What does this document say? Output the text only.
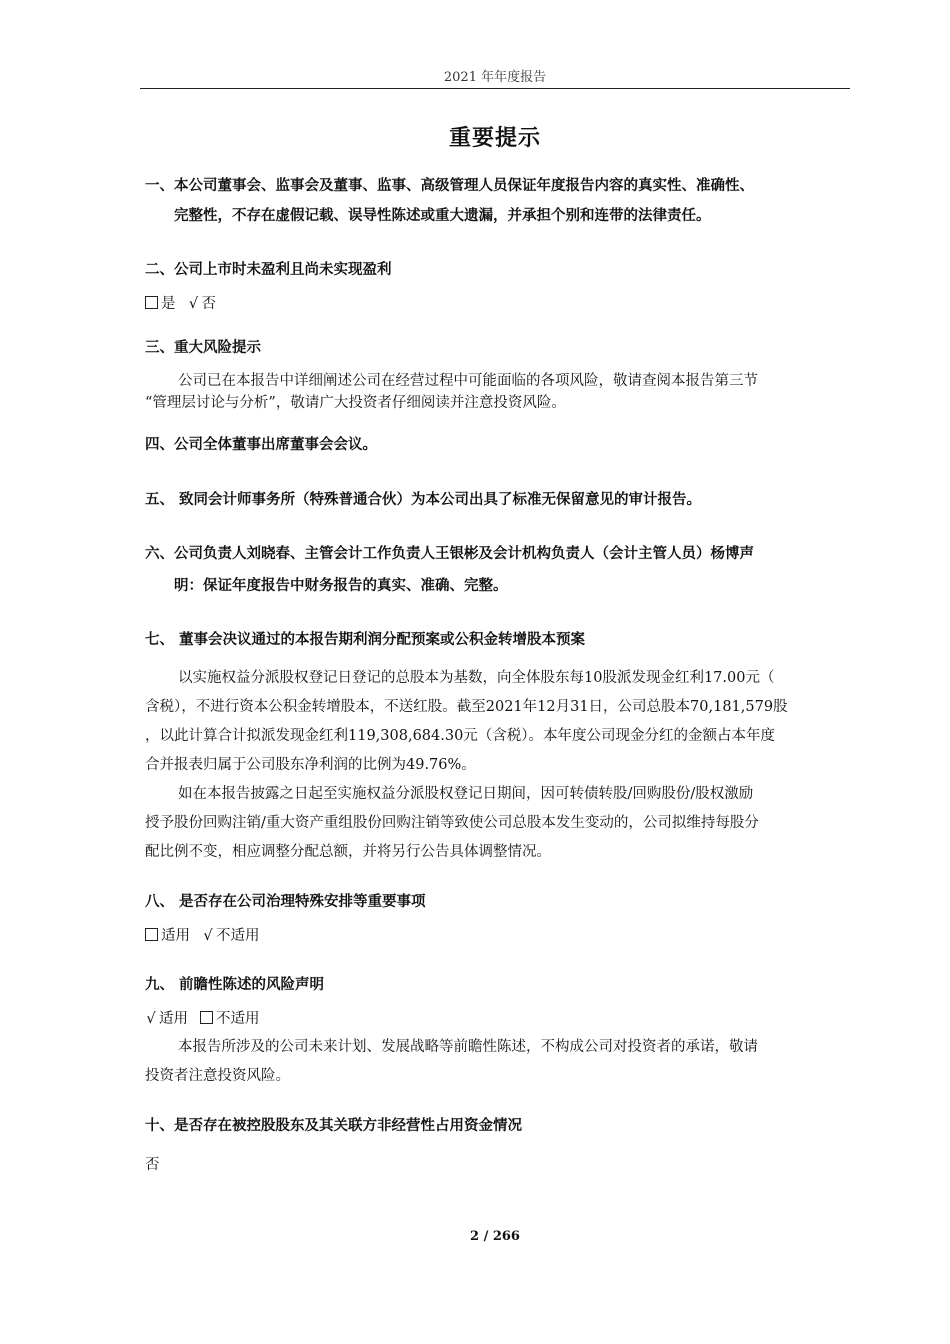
2021 年年度报告
重要提示
一、本公司董事会、监事会及董事、监事、高级管理人员保证年度报告内容的真实性、准确性、
完整性，不存在虚假记载、误导性陈述或重大遗漏，并承担个别和连带的法律责任。
二、公司上市时未盈利且尚未实现盈利
是 √ 否
三、重大风险提示
公司已在本报告中详细阐述公司在经营过程中可能面临的各项风险，敬请查阅本报告第三节
“管理层讨论与分析”，敬请广大投资者仔细阅读并注意投资风险。
四、公司全体董事出席董事会会议。
五、 致同会计师事务所（特殊普通合伙）为本公司出具了标准无保留意见的审计报告。
六、公司负责人刘晓春、主管会计工作负责人王银彬及会计机构负责人（会计主管人员）杨博声
明：保证年度报告中财务报告的真实、准确、完整。
七、 董事会决议通过的本报告期利润分配预案或公积金转增股本预案
以实施权益分派股权登记日登记的总股本为基数，向全体股东每10股派发现金红利17.00元（
含税），不进行资本公积金转增股本，不送红股。截至2021年12月31日，公司总股本70,181,579股
，以此计算合计拟派发现金红利119,308,684.30元（含税）。本年度公司现金分红的金额占本年度
合并报表归属于公司股东净利润的比例为49.76%。
如在本报告披露之日起至实施权益分派股权登记日期间，因可转债转股/回购股份/股权激励
授予股份回购注销/重大资产重组股份回购注销等致使公司总股本发生变动的，公司拟维持每股分
配比例不变，相应调整分配总额，并将另行公告具体调整情况。
八、 是否存在公司治理特殊安排等重要事项
适用 √ 不适用
九、 前瞻性陈述的风险声明
√ 适用 不适用
本报告所涉及的公司未来计划、发展战略等前瞻性陈述，不构成公司对投资者的承诺，敬请
投资者注意投资风险。
十、是否存在被控股股东及其关联方非经营性占用资金情况
否
2 / 266
